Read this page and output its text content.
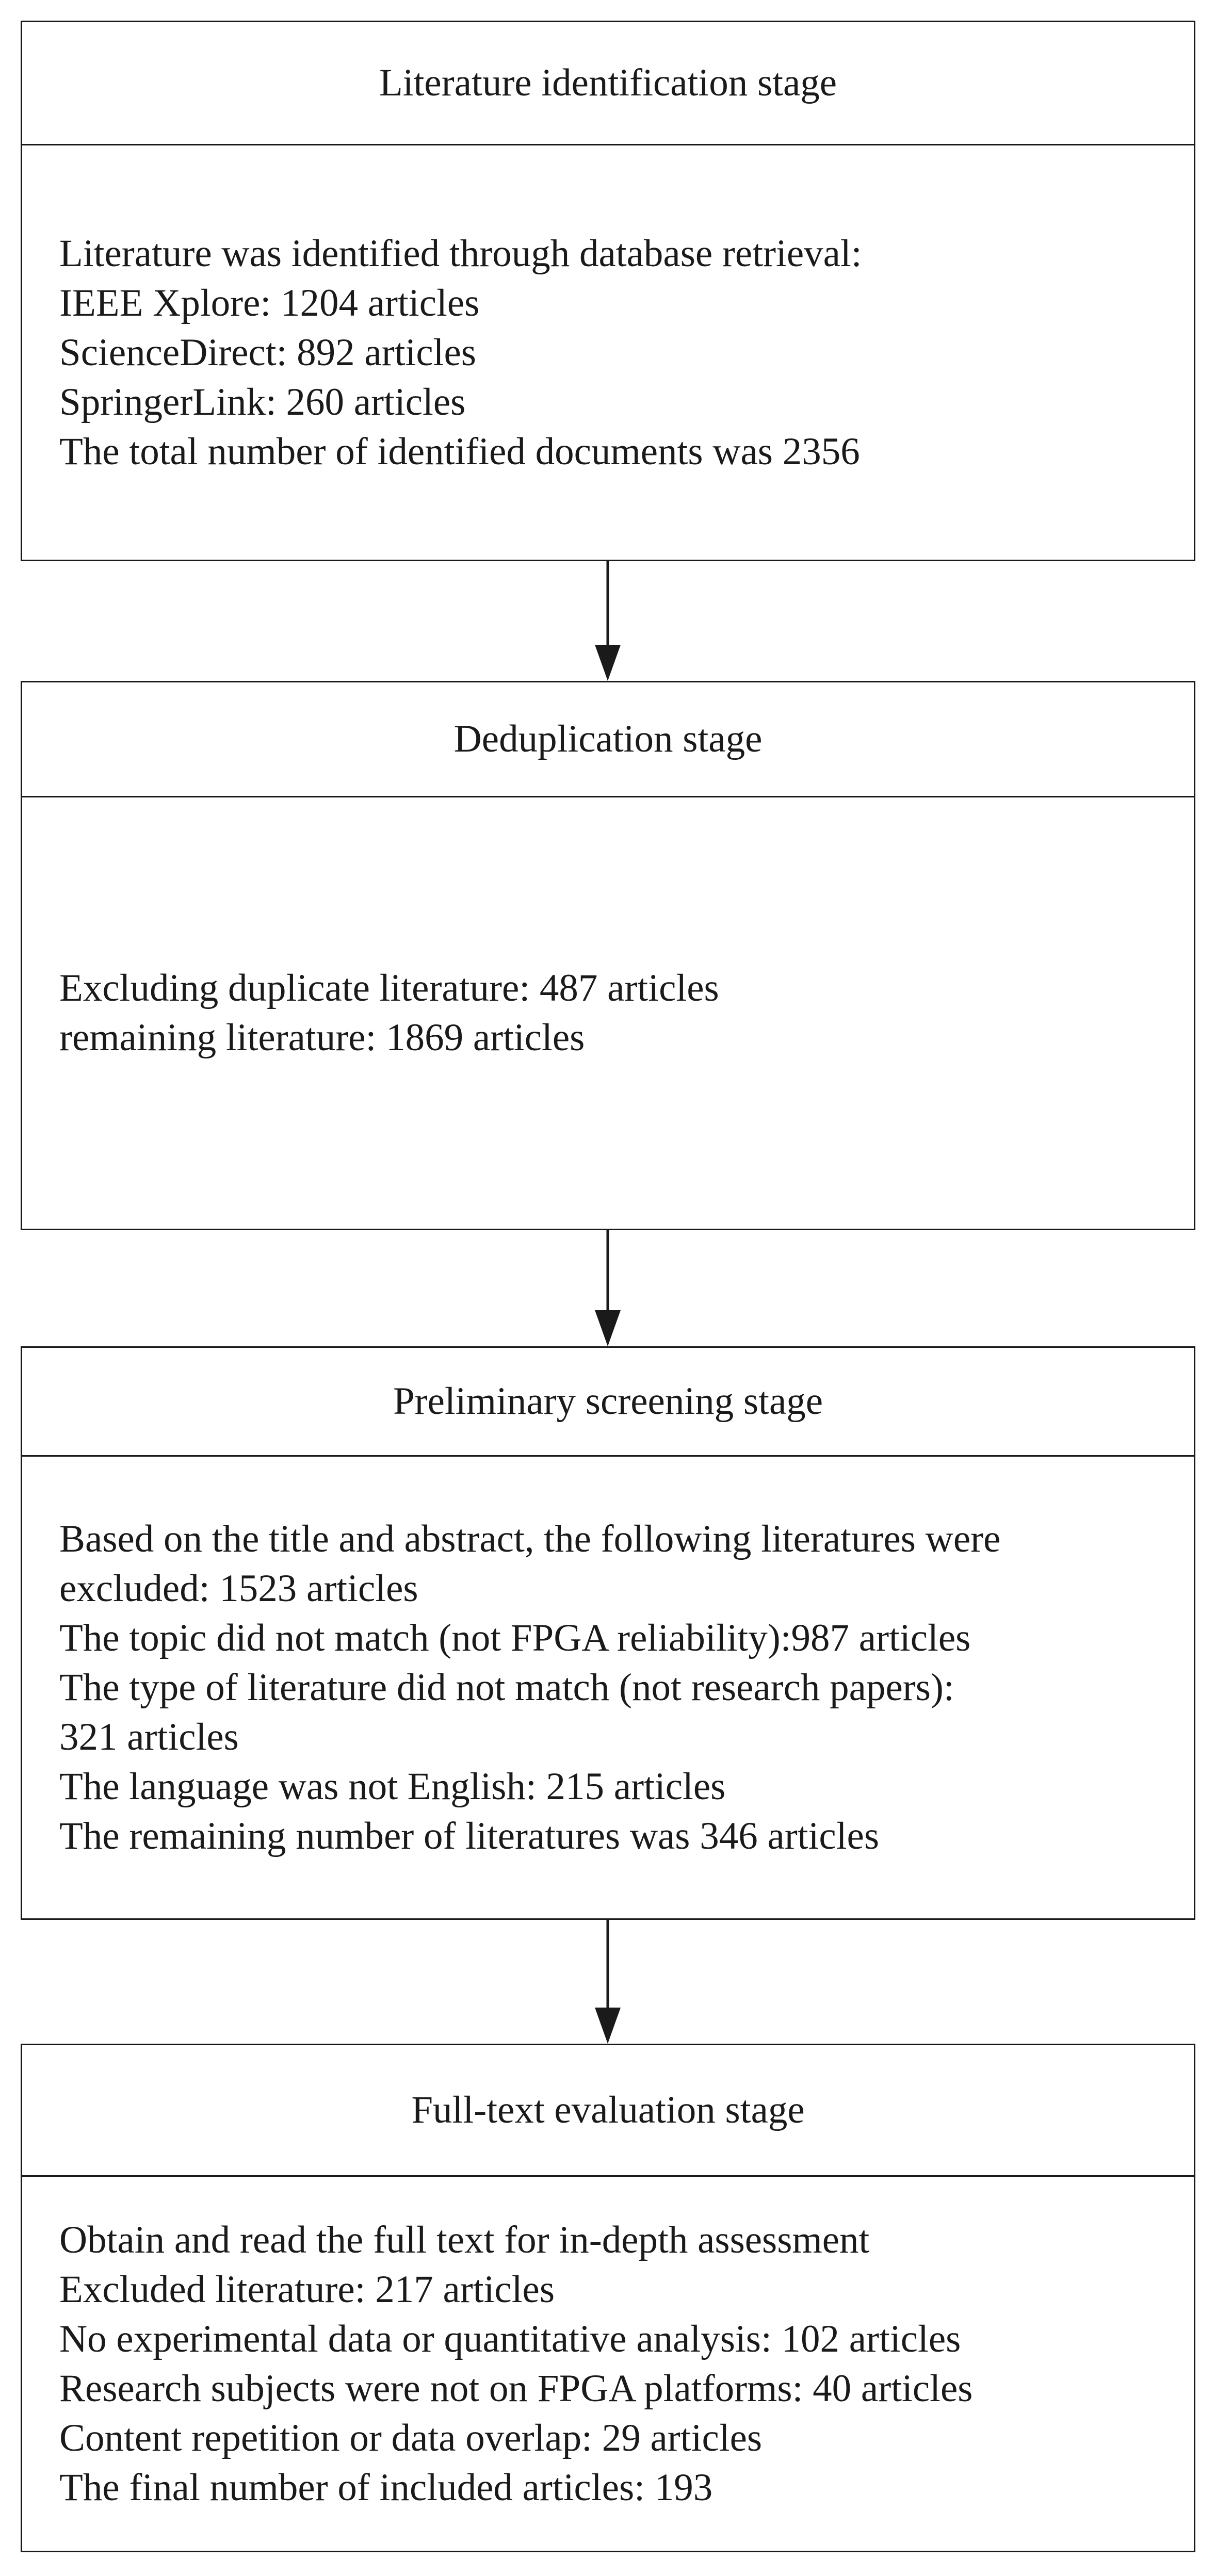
Literature identification stage
Literature was identified through database retrieval:
IEEE Xplore: 1204 articles
ScienceDirect: 892 articles
SpringerLink: 260 articles
The total number of identified documents was 2356
Deduplication stage
Excluding duplicate literature: 487 articles
remaining literature: 1869 articles
Preliminary screening stage
Based on the title and abstract, the following literatures were
excluded: 1523 articles
The topic did not match (not FPGA reliability):987 articles
The type of literature did not match (not research papers):
321 articles
The language was not English: 215 articles
The remaining number of literatures was 346 articles
Full-text evaluation stage
Obtain and read the full text for in-depth assessment
Excluded literature: 217 articles
No experimental data or quantitative analysis: 102 articles
Research subjects were not on FPGA platforms: 40 articles
Content repetition or data overlap: 29 articles
The final number of included articles: 193
